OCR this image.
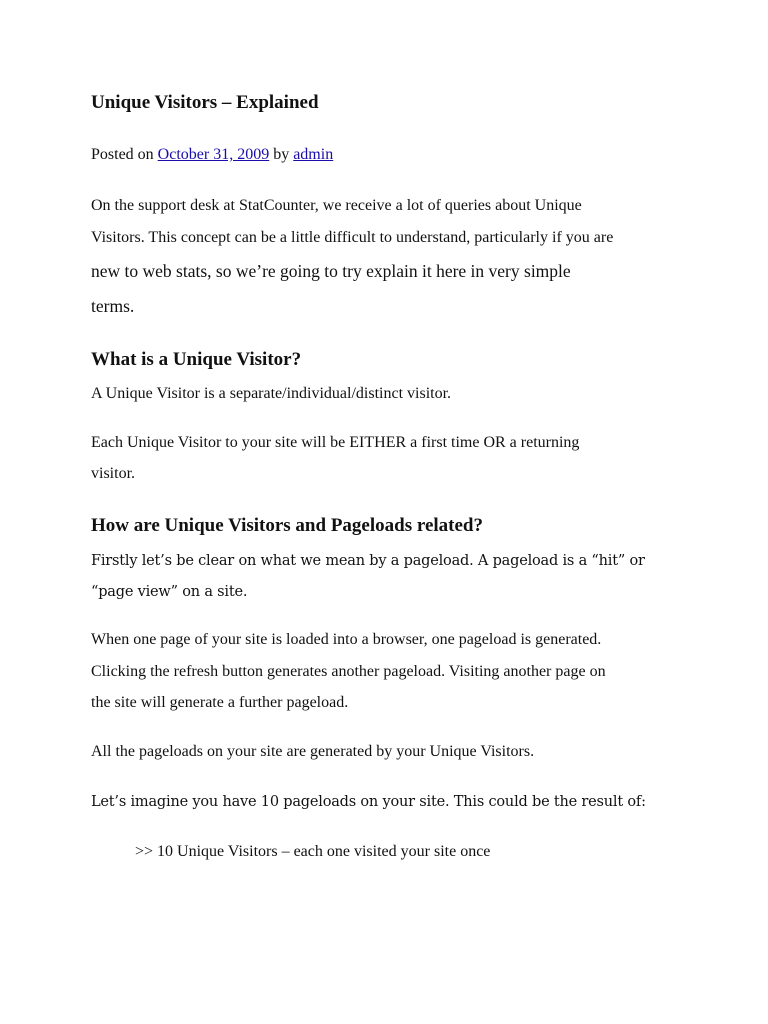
Unique Visitors – Explained
Posted on October 31, 2009 by admin
On the support desk at StatCounter, we receive a lot of queries about Unique
Visitors. This concept can be a little difficult to understand, particularly if you are
new to web stats, so we’re going to try explain it here in very simple
terms.
What is a Unique Visitor?
A Unique Visitor is a separate/individual/distinct visitor.
Each Unique Visitor to your site will be EITHER a first time OR a returning
visitor.
How are Unique Visitors and Pageloads related?
Firstly let’s be clear on what we mean by a pageload. A pageload is a “hit” or
“page view” on a site.
When one page of your site is loaded into a browser, one pageload is generated.
Clicking the refresh button generates another pageload. Visiting another page on
the site will generate a further pageload.
All the pageloads on your site are generated by your Unique Visitors.
Let’s imagine you have 10 pageloads on your site. This could be the result of:
>> 10 Unique Visitors – each one visited your site once
